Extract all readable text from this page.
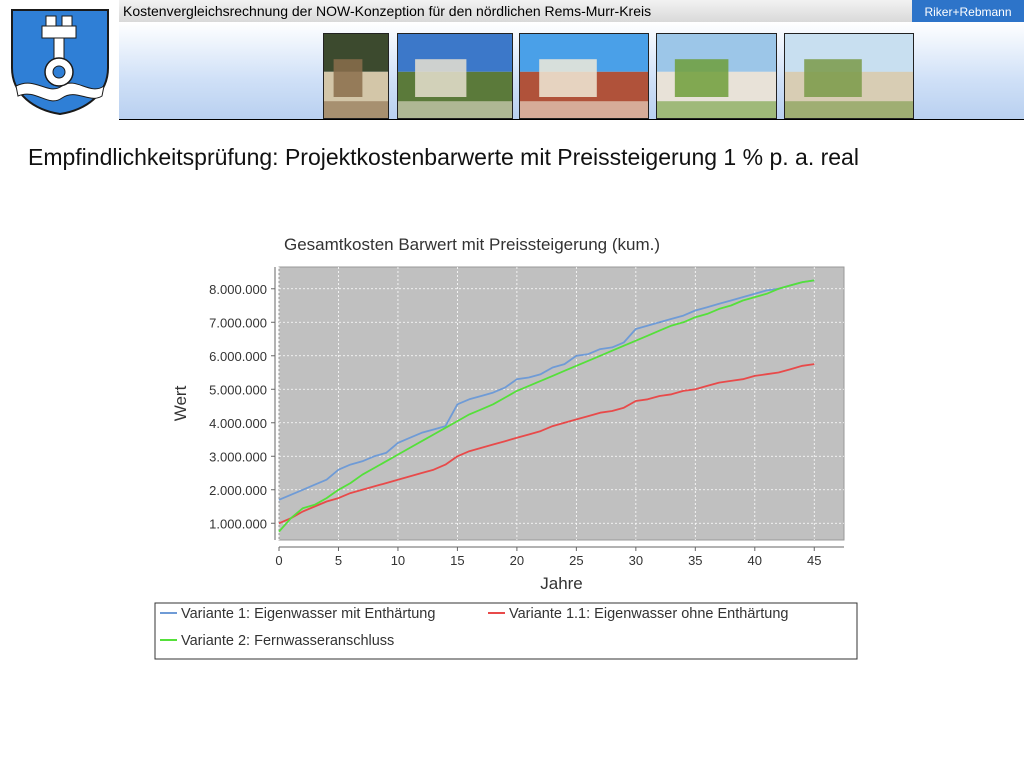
Kostenvergleichsrechnung der NOW-Konzeption für den nördlichen Rems-Murr-Kreis	Riker+Rebmann
Empfindlichkeitsprüfung: Projektkostenbarwerte mit Preissteigerung 1 % p. a. real
Gesamtkosten Barwert mit Preissteigerung (kum.)
1.000.000
2.000.000
3.000.000
4.000.000
5.000.000
6.000.000
7.000.000
8.000.000
0	5	10	15	20	25	30	35	40	45
Jahre
Wert
Variante 1: Eigenwasser mit Enthärtung	Variante 1.1: Eigenwasser ohne Enthärtung
Variante 2: Fernwasseranschluss
